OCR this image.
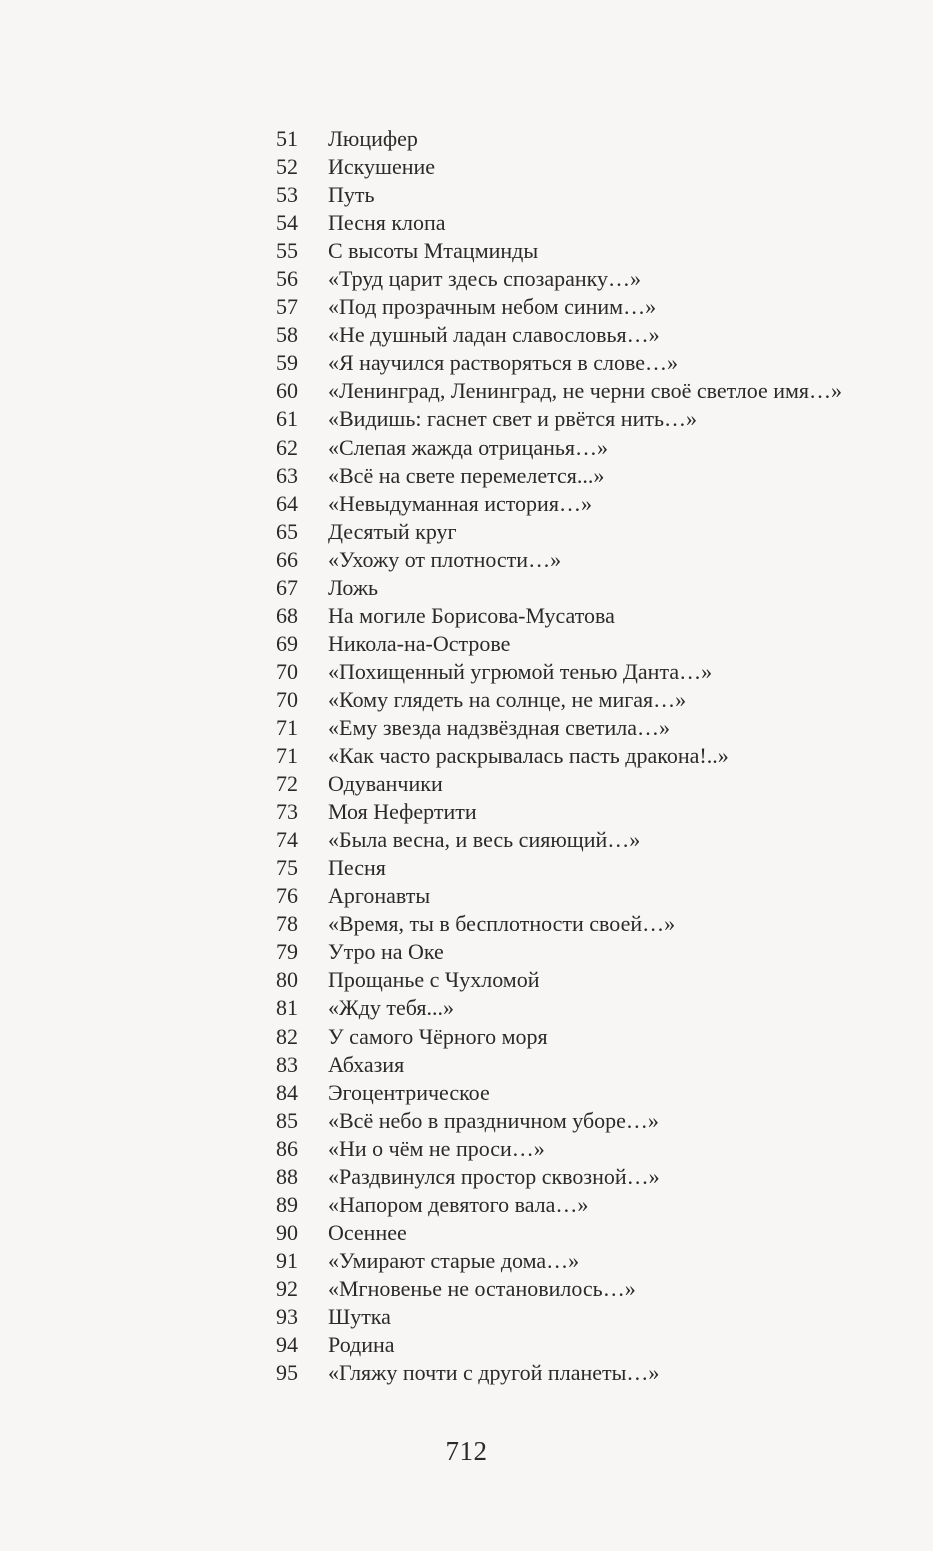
51	Люцифер
52	Искушение
53	Путь
54	Песня клопа
55	С высоты Мтацминды
56	«Труд царит здесь спозаранку…»
57	«Под прозрачным небом синим…»
58	«Не душный ладан славословья…»
59	«Я научился растворяться в слове…»
60	«Ленинград, Ленинград, не черни своё светлое имя…»
61	«Видишь: гаснет свет и рвётся нить…»
62	«Слепая жажда отрицанья…»
63	«Всё на свете перемелется...»
64	«Невыдуманная история…»
65	Десятый круг
66	«Ухожу от плотности…»
67	Ложь
68	На могиле Борисова-Мусатова
69	Никола-на-Острове
70	«Похищенный угрюмой тенью Данта…»
70	«Кому глядеть на солнце, не мигая…»
71	«Ему звезда надзвёздная светила…»
71	«Как часто раскрывалась пасть дракона!..»
72	Одуванчики
73	Моя Нефертити
74	«Была весна, и весь сияющий…»
75	Песня
76	Аргонавты
78	«Время, ты в бесплотности своей…»
79	Утро на Оке
80	Прощанье с Чухломой
81	«Жду тебя...»
82	У самого Чёрного моря
83	Абхазия
84	Эгоцентрическое
85	«Всё небо в праздничном уборе…»
86	«Ни о чём не проси…»
88	«Раздвинулся простор сквозной…»
89	«Напором девятого вала…»
90	Осеннее
91	«Умирают старые дома…»
92	«Мгновенье не остановилось…»
93	Шутка
94	Родина
95	«Гляжу почти с другой планеты…»
712
